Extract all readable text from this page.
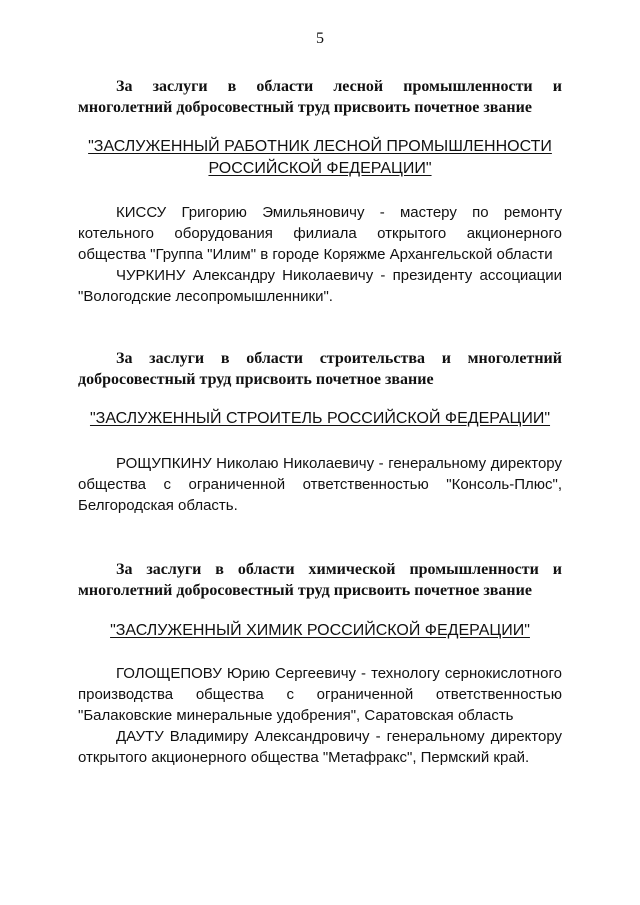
5
За заслуги в области лесной промышленности и
многолетний добросовестный труд присвоить почетное звание
"ЗАСЛУЖЕННЫЙ РАБОТНИК ЛЕСНОЙ ПРОМЫШЛЕННОСТИ РОССИЙСКОЙ ФЕДЕРАЦИИ"

КИССУ Григорию Эмильяновичу - мастеру по ремонту котельного оборудования филиала открытого акционерного общества "Группа "Илим" в городе Коряжме Архангельской области

ЧУРКИНУ Александру Николаевичу - президенту ассоциации "Вологодские лесопромышленники".

За заслуги в области строительства и многолетний
добросовестный труд присвоить почетное звание
"ЗАСЛУЖЕННЫЙ СТРОИТЕЛЬ РОССИЙСКОЙ ФЕДЕРАЦИИ"

РОЩУПКИНУ Николаю Николаевичу - генеральному директору общества с ограниченной ответственностью "Консоль-Плюс", Белгородская область.

За заслуги в области химической промышленности и
многолетний добросовестный труд присвоить почетное звание
"ЗАСЛУЖЕННЫЙ ХИМИК РОССИЙСКОЙ ФЕДЕРАЦИИ"

ГОЛОЩЕПОВУ Юрию Сергеевичу - технологу сернокислотного производства общества с ограниченной ответственностью "Балаковские минеральные удобрения", Саратовская область

ДАУТУ Владимиру Александровичу - генеральному директору открытого акционерного общества "Метафракс", Пермский край.
